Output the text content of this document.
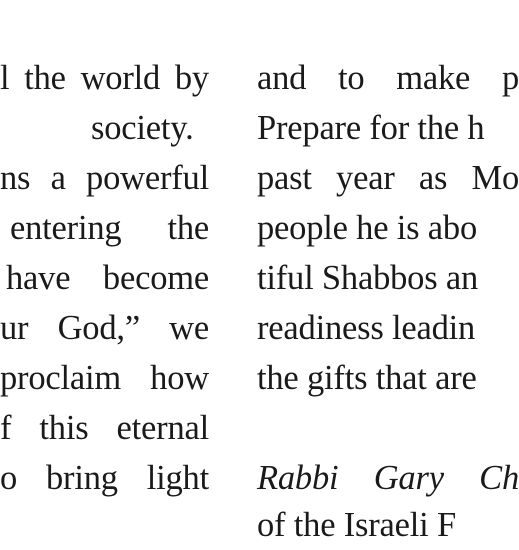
l the world by
society.
ns a powerful
entering the
have become
ur God,” we
proclaim how
f this eternal
o bring light
and to make p
Prepare for the h
past year as Mo
people he is abo
tiful Shabbos an
readiness leadin
the gifts that are
Rabbi Gary Ch
of the Israeli F
